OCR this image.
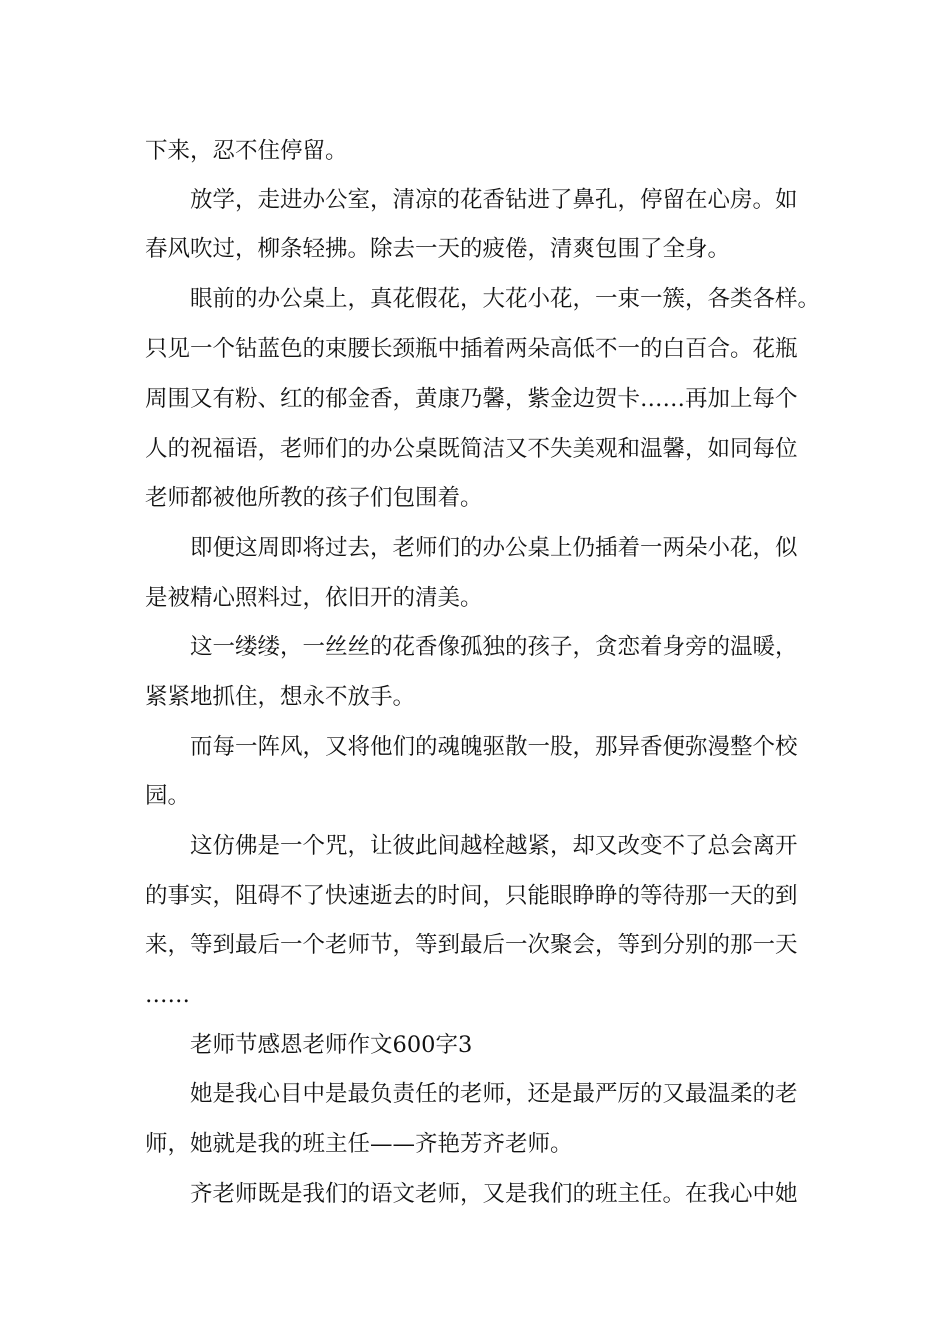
下来，忍不住停留。
放学，走进办公室，清凉的花香钻进了鼻孔，停留在心房。如
春风吹过，柳条轻拂。除去一天的疲倦，清爽包围了全身。
眼前的办公桌上，真花假花，大花小花，一束一簇，各类各样。
只见一个钻蓝色的束腰长颈瓶中插着两朵高低不一的白百合。花瓶
周围又有粉、红的郁金香，黄康乃馨，紫金边贺卡……再加上每个
人的祝福语，老师们的办公桌既简洁又不失美观和温馨，如同每位
老师都被他所教的孩子们包围着。
即便这周即将过去，老师们的办公桌上仍插着一两朵小花，似
是被精心照料过，依旧开的清美。
这一缕缕，一丝丝的花香像孤独的孩子，贪恋着身旁的温暖，
紧紧地抓住，想永不放手。
而每一阵风，又将他们的魂魄驱散一股，那异香便弥漫整个校
园。
这仿佛是一个咒，让彼此间越栓越紧，却又改变不了总会离开
的事实，阻碍不了快速逝去的时间，只能眼睁睁的等待那一天的到
来，等到最后一个老师节，等到最后一次聚会，等到分别的那一天
……
老师节感恩老师作文600字3
她是我心目中是最负责任的老师，还是最严厉的又最温柔的老
师，她就是我的班主任——齐艳芳齐老师。
齐老师既是我们的语文老师，又是我们的班主任。在我心中她
